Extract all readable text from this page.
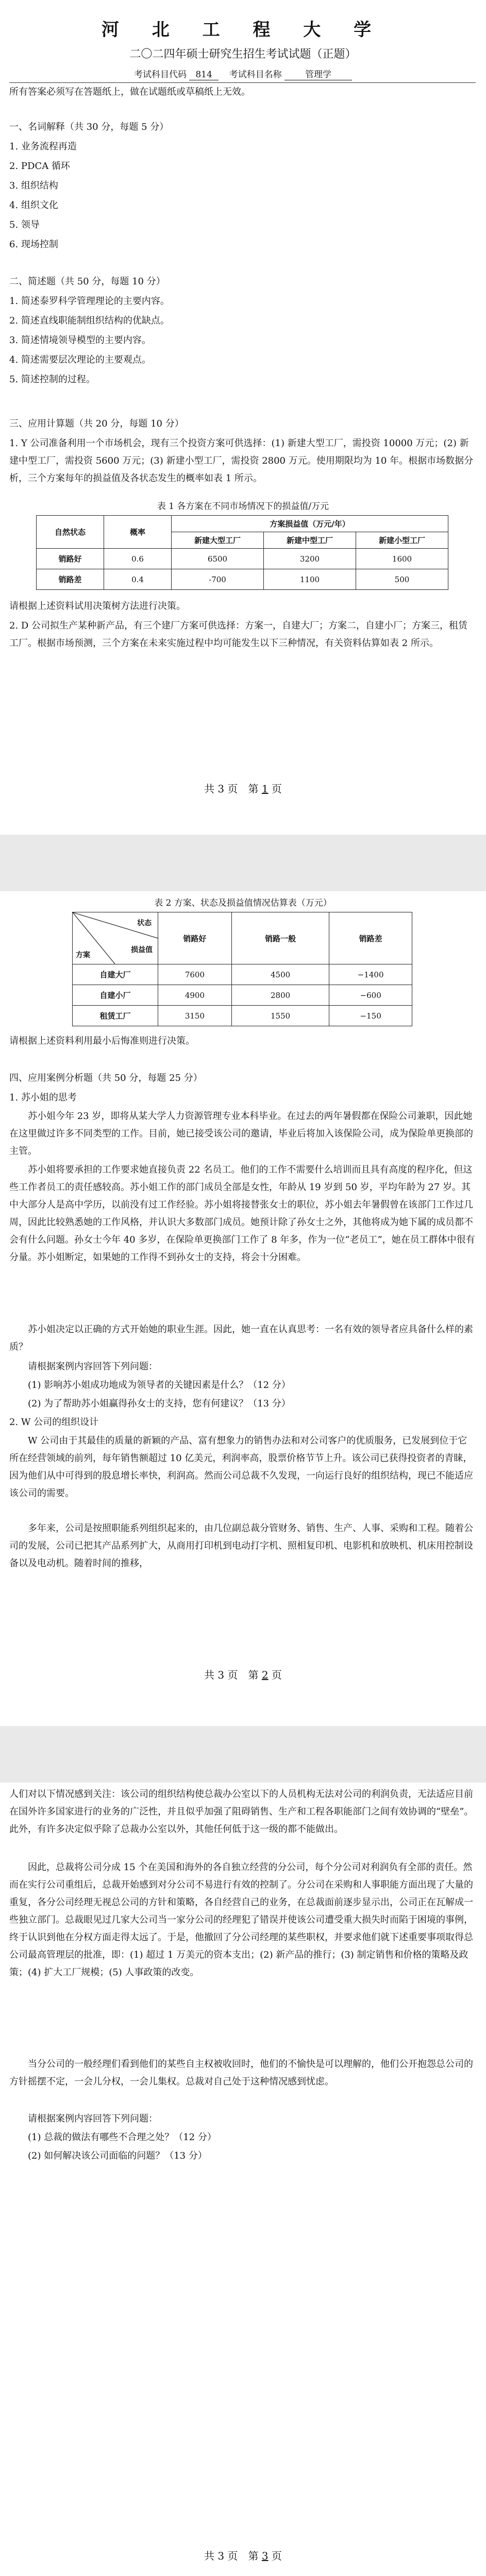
河 北 工 程 大 学
二〇二四年硕士研究生招生考试试题（正题）
考试科目代码 814 考试科目名称	管理学

所有答案必须写在答题纸上，做在试题纸或草稿纸上无效。

一、名词解释（共 30 分，每题 5 分）

1. 业务流程再造

2. PDCA 循环

3. 组织结构

4. 组织文化

5. 领导

6. 现场控制

二、简述题（共 50 分，每题 10 分）

1. 简述泰罗科学管理理论的主要内容。

2. 简述直线职能制组织结构的优缺点。

3. 简述情境领导模型的主要内容。

4. 简述需要层次理论的主要观点。

5. 简述控制的过程。

三、应用计算题（共 20 分，每题 10 分）

1. Y 公司准备利用一个市场机会，现有三个投资方案可供选择：(1) 新建大型工厂，需投资 10000 万元；(2) 新建中型工厂，需投资 5600 万元；(3) 新建小型工厂，需投资 2800 万元。使用期限均为 10 年。根据市场数据分析，三个方案每年的损益值及各状态发生的概率如表 1 所示。

表 1 各方案在不同市场情况下的损益值/万元
自然状态	概率	方案损益值（万元/年）		
		新建大型工厂	新建中型工厂	新建小型工厂
销路好	0.6	6500	3200	1600
销路差	0.4	-700	1100	500

请根据上述资料试用决策树方法进行决策。

2. D 公司拟生产某种新产品，有三个建厂方案可供选择：方案一，自建大厂；方案二，自建小厂；方案三，租赁工厂。根据市场预测，三个方案在未来实施过程中均可能发生以下三种情况，有关资料估算如表 2 所示。

共 3 页　第 1 页
表 2 方案、状态及损益值情况估算表（万元）
状态
损益值
方案	销路好	销路一般	销路差
自建大厂	7600	4500	−1400
自建小厂	4900	2800	−600
租赁工厂	3150	1550	−150

请根据上述资料利用最小后悔准则进行决策。

四、应用案例分析题（共 50 分，每题 25 分）

1. 苏小姐的思考

苏小姐今年 23 岁，即将从某大学人力资源管理专业本科毕业。在过去的两年暑假都在保险公司兼职，因此她在这里做过许多不同类型的工作。目前，她已接受该公司的邀请，毕业后将加入该保险公司，成为保险单更换部的主管。

苏小姐将要承担的工作要求她直接负责 22 名员工。他们的工作不需要什么培训而且具有高度的程序化，但这些工作者员工的责任感较高。苏小姐工作的部门成员全部是女性，年龄从 19 岁到 50 岁，平均年龄为 27 岁。其中大部分人是高中学历，以前没有过工作经验。苏小姐将接替张女士的职位，苏小姐去年暑假曾在该部门工作过几周，因此比较熟悉她的工作风格，并认识大多数部门成员。她预计除了孙女士之外，其他将成为她下属的成员都不会有什么问题。孙女士今年 40 多岁，在保险单更换部门工作了 8 年多，作为一位“老员工”，她在员工群体中很有分量。苏小姐断定，如果她的工作得不到孙女士的支持，将会十分困难。

苏小姐决定以正确的方式开始她的职业生涯。因此，她一直在认真思考：一名有效的领导者应具备什么样的素质？

请根据案例内容回答下列问题：

(1) 影响苏小姐成功地成为领导者的关键因素是什么？（12 分）

(2) 为了帮助苏小姐赢得孙女士的支持，您有何建议？（13 分）

2. W 公司的组织设计

W 公司由于其最佳的质量的新颖的产品、富有想象力的销售办法和对公司客户的优质服务，已发展到位于它所在经营领域的前列，每年销售额超过 10 亿美元，利润率高，股票价格节节上升。该公司已获得投资者的青睐，因为他们从中可得到的股息增长率快，利润高。然而公司总裁不久发现，一向运行良好的组织结构，现已不能适应该公司的需要。

多年来，公司是按照职能系列组织起来的，由几位副总裁分管财务、销售、生产、人事、采购和工程。随着公司的发展，公司已把其产品系列扩大，从商用打印机到电动打字机、照相复印机、电影机和放映机、机床用控制设备以及电动机。随着时间的推移，

共 3 页　第 2 页

人们对以下情况感到关注：该公司的组织结构使总裁办公室以下的人员机构无法对公司的利润负责，无法适应目前在国外许多国家进行的业务的广泛性，并且似乎加强了阻碍销售、生产和工程各职能部门之间有效协调的“壁垒”。此外，有许多决定似乎除了总裁办公室以外，其他任何低于这一级的都不能做出。

因此，总裁将公司分成 15 个在美国和海外的各自独立经营的分公司，每个分公司对利润负有全部的责任。然而在实行公司重组后，总裁开始感到对分公司不易进行有效的控制了。分公司在采购和人事职能方面出现了大量的重复，各分公司经理无视总公司的方针和策略，各自经营自己的业务，在总裁面前逐步显示出，公司正在瓦解成一些独立部门。总裁眼见过几家大公司当一家分公司的经理犯了错误并使该公司遭受重大损失时而陷于困境的事例，终于认识到他在分权方面走得太远了。于是，他撤回了分公司经理的某些职权，并要求他们就下述重要事项取得总公司最高管理层的批准，即：(1) 超过 1 万美元的资本支出；(2) 新产品的推行；(3) 制定销售和价格的策略及政策；(4) 扩大工厂规模；(5) 人事政策的改变。

当分公司的一般经理们看到他们的某些自主权被收回时，他们的不愉快是可以理解的，他们公开抱怨总公司的方针摇摆不定，一会儿分权，一会儿集权。总裁对自己处于这种情况感到忧虑。

请根据案例内容回答下列问题：

(1) 总裁的做法有哪些不合理之处？（12 分）

(2) 如何解决该公司面临的问题？（13 分）

共 3 页　第 3 页
